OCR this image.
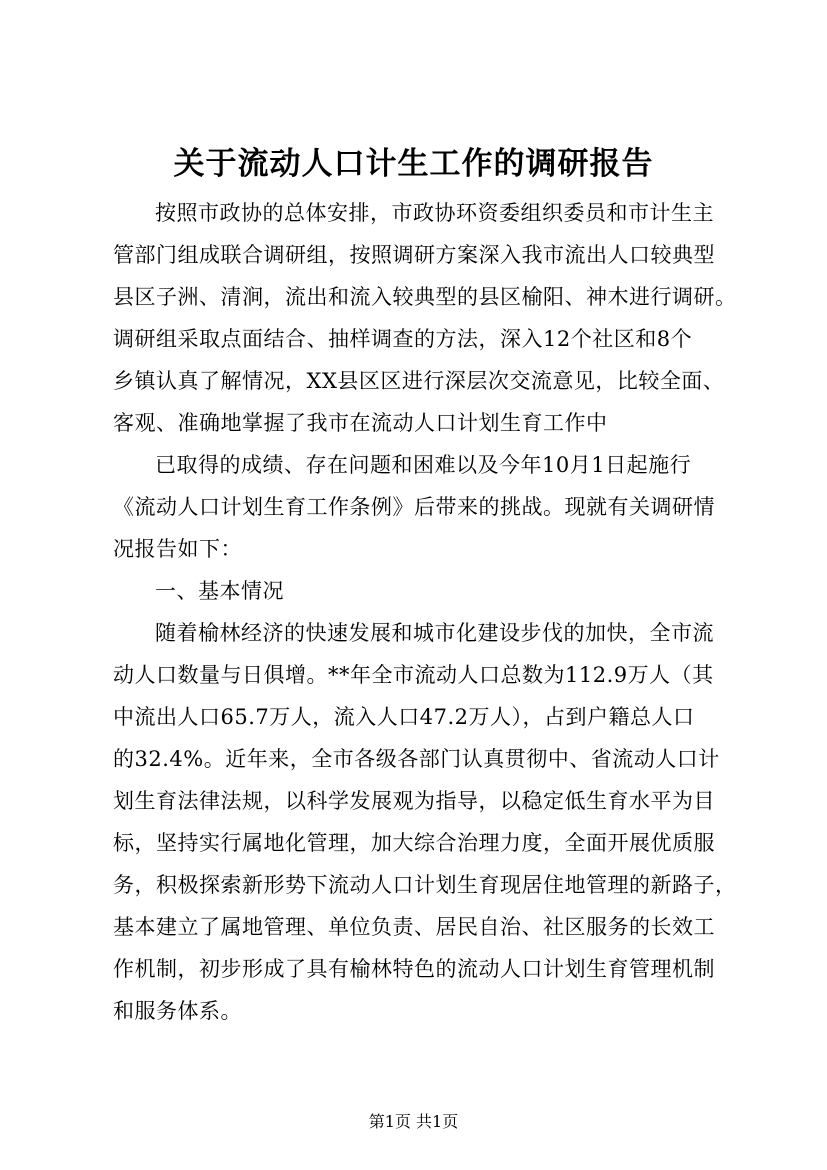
关于流动人口计生工作的调研报告
按照市政协的总体安排，市政协环资委组织委员和市计生主
管部门组成联合调研组，按照调研方案深入我市流出人口较典型
县区子洲、清涧，流出和流入较典型的县区榆阳、神木进行调研。
调研组采取点面结合、抽样调查的方法，深入12个社区和8个
乡镇认真了解情况，XX县区区进行深层次交流意见，比较全面、
客观、准确地掌握了我市在流动人口计划生育工作中
已取得的成绩、存在问题和困难以及今年10月1日起施行
《流动人口计划生育工作条例》后带来的挑战。现就有关调研情
况报告如下：
一、基本情况
随着榆林经济的快速发展和城市化建设步伐的加快，全市流
动人口数量与日俱增。**年全市流动人口总数为112.9万人（其
中流出人口65.7万人，流入人口47.2万人），占到户籍总人口
的32.4%。近年来，全市各级各部门认真贯彻中、省流动人口计
划生育法律法规，以科学发展观为指导，以稳定低生育水平为目
标，坚持实行属地化管理，加大综合治理力度，全面开展优质服
务，积极探索新形势下流动人口计划生育现居住地管理的新路子，
基本建立了属地管理、单位负责、居民自治、社区服务的长效工
作机制，初步形成了具有榆林特色的流动人口计划生育管理机制
和服务体系。
第1页 共1页
